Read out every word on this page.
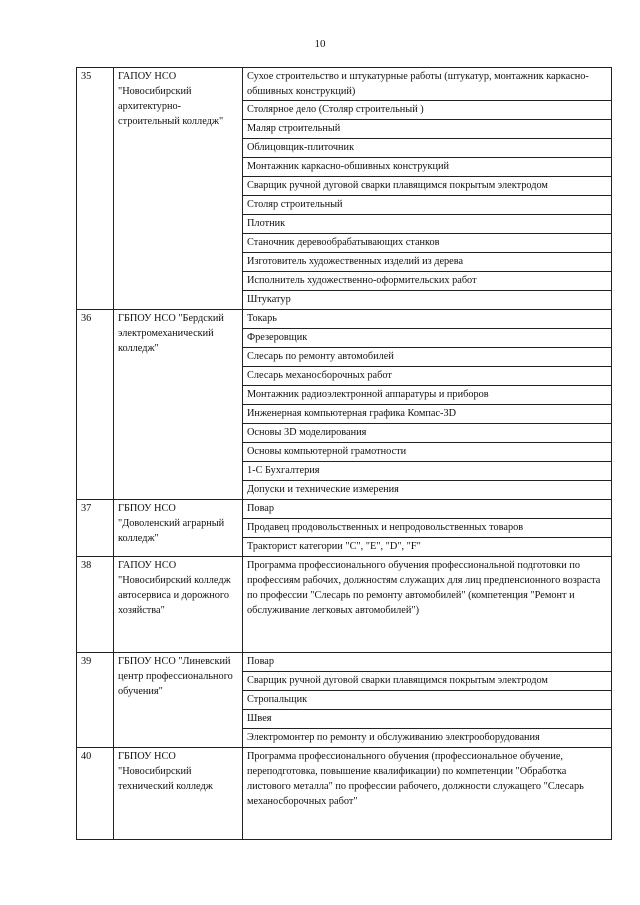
10
35	ГАПОУ НСО "Новосибирский архитектурно-строительный колледж"	Сухое строительство и штукатурные работы (штукатур, монтажник каркасно-обшивных конструкций)
		Столярное дело (Столяр строительный )
		Маляр строительный
		Облицовщик-плиточник
		Монтажник каркасно-обшивных конструкций
		Сварщик ручной дуговой сварки плавящимся покрытым электродом
		Столяр строительный
		Плотник
		Станочник деревообрабатывающих станков
		Изготовитель художественных изделий из дерева
		Исполнитель художественно-оформительских работ
		Штукатур
36	ГБПОУ НСО "Бердский электромеханический колледж"	Токарь
		Фрезеровщик
		Слесарь по ремонту автомобилей
		Слесарь механосборочных работ
		Монтажник радиоэлектронной аппаратуры и приборов
		Инженерная компьютерная графика Компас-3D
		Основы 3D моделирования
		Основы компьютерной грамотности
		1-С Бухгалтерия
		Допуски и технические измерения
37	ГБПОУ НСО "Доволенский аграрный колледж"	Повар
		Продавец продовольственных и непродовольственных товаров
		Тракторист категории "С", "Е", "D", "F"
38	ГАПОУ НСО "Новосибирский колледж автосервиса и дорожного хозяйства"	Программа профессионального обучения профессиональной подготовки по профессиям рабочих, должностям служащих для лиц предпенсионного возраста по профессии "Слесарь по ремонту автомобилей" (компетенция "Ремонт и обслуживание легковых автомобилей")
39	ГБПОУ НСО "Линевский центр профессионального обучения"	Повар
		Сварщик ручной дуговой сварки плавящимся покрытым электродом
		Стропальщик
		Швея
		Электромонтер по ремонту и обслуживанию электрооборудования
40	ГБПОУ НСО "Новосибирский технический колледж	Программа профессионального обучения (профессиональное обучение, переподготовка, повышение квалификации) по компетенции "Обработка листового металла" по профессии рабочего, должности служащего "Слесарь механосборочных работ"
